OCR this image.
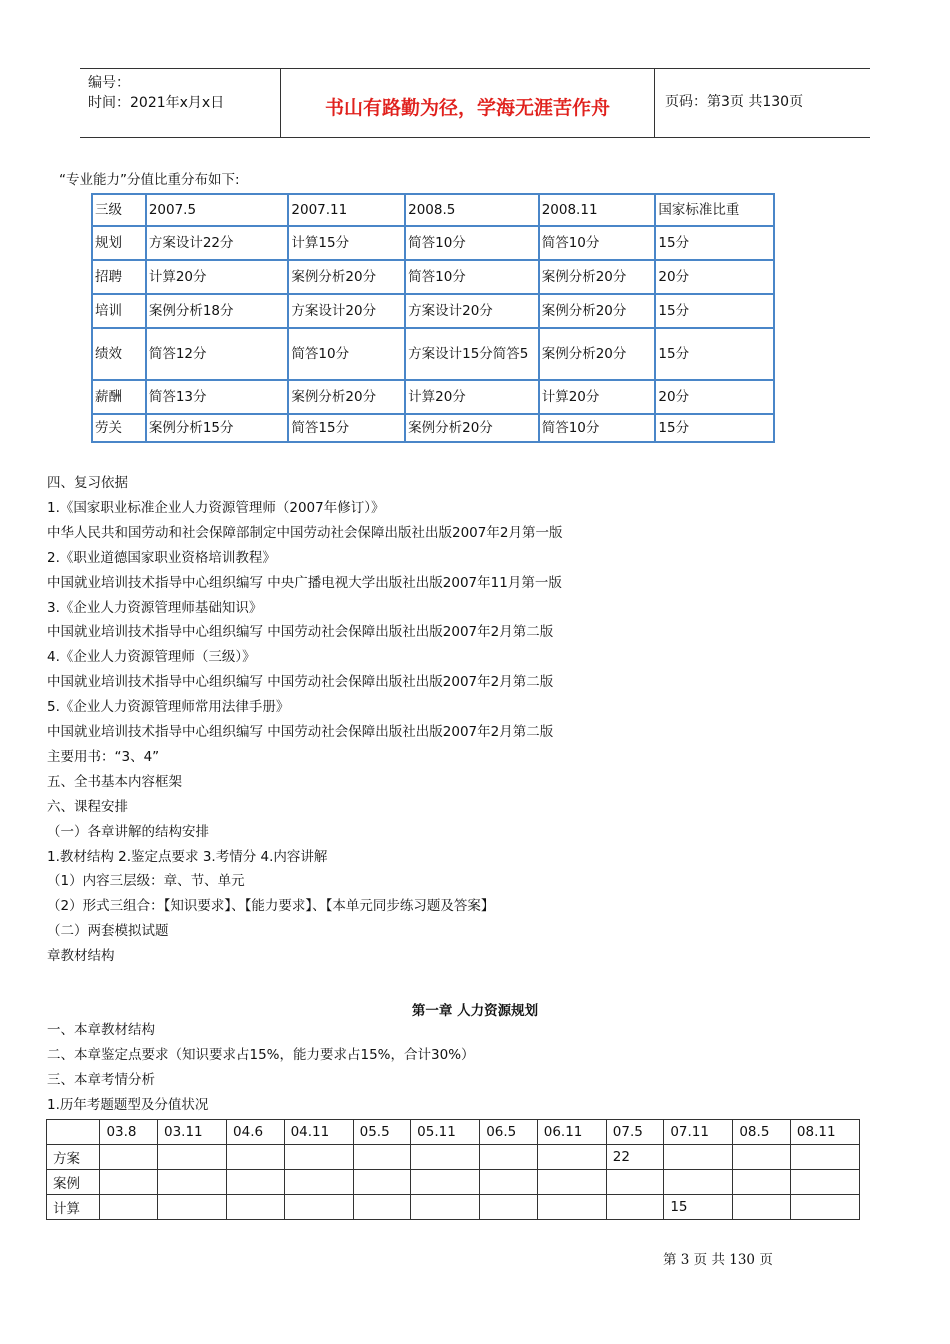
编号：
时间：2021年x月x日	书山有路勤为径，学海无涯苦作舟	页码：第3页 共130页
“专业能力”分值比重分布如下:
三级	2007.5	2007.11	2008.5	2008.11	国家标准比重
规划	方案设计22分	计算15分	简答10分	简答10分	15分
招聘	计算20分	案例分析20分	简答10分	案例分析20分	20分
培训	案例分析18分	方案设计20分	方案设计20分	案例分析20分	15分
绩效	简答12分	简答10分	方案设计15分简答5	案例分析20分	15分
薪酬	简答13分	案例分析20分	计算20分	计算20分	20分
劳关	案例分析15分	简答15分	案例分析20分	简答10分	15分
四、复习依据
1.《国家职业标准企业人力资源管理师（2007年修订）》
中华人民共和国劳动和社会保障部制定中国劳动社会保障出版社出版2007年2月第一版
2.《职业道德国家职业资格培训教程》
中国就业培训技术指导中心组织编写 中央广播电视大学出版社出版2007年11月第一版
3.《企业人力资源管理师基础知识》
中国就业培训技术指导中心组织编写 中国劳动社会保障出版社出版2007年2月第二版
4.《企业人力资源管理师（三级）》
中国就业培训技术指导中心组织编写 中国劳动社会保障出版社出版2007年2月第二版
5.《企业人力资源管理师常用法律手册》
中国就业培训技术指导中心组织编写 中国劳动社会保障出版社出版2007年2月第二版
主要用书：“3、4”
五、全书基本内容框架
六、课程安排
（一）各章讲解的结构安排
1.教材结构 2.鉴定点要求 3.考情分 4.内容讲解
（1）内容三层级：章、节、单元
（2）形式三组合：【知识要求】、【能力要求】、【本单元同步练习题及答案】
（二）两套模拟试题
章教材结构
第一章 人力资源规划
一、本章教材结构
二、本章鉴定点要求（知识要求占15%，能力要求占15%，合计30%）
三、本章考情分析
1.历年考题题型及分值状况
	03.8	03.11	04.6	04.11	05.5	05.11	06.5	06.11	07.5	07.11	08.5	08.11
方案									22			
案例												
计算										15		
第 3 页 共 130 页
